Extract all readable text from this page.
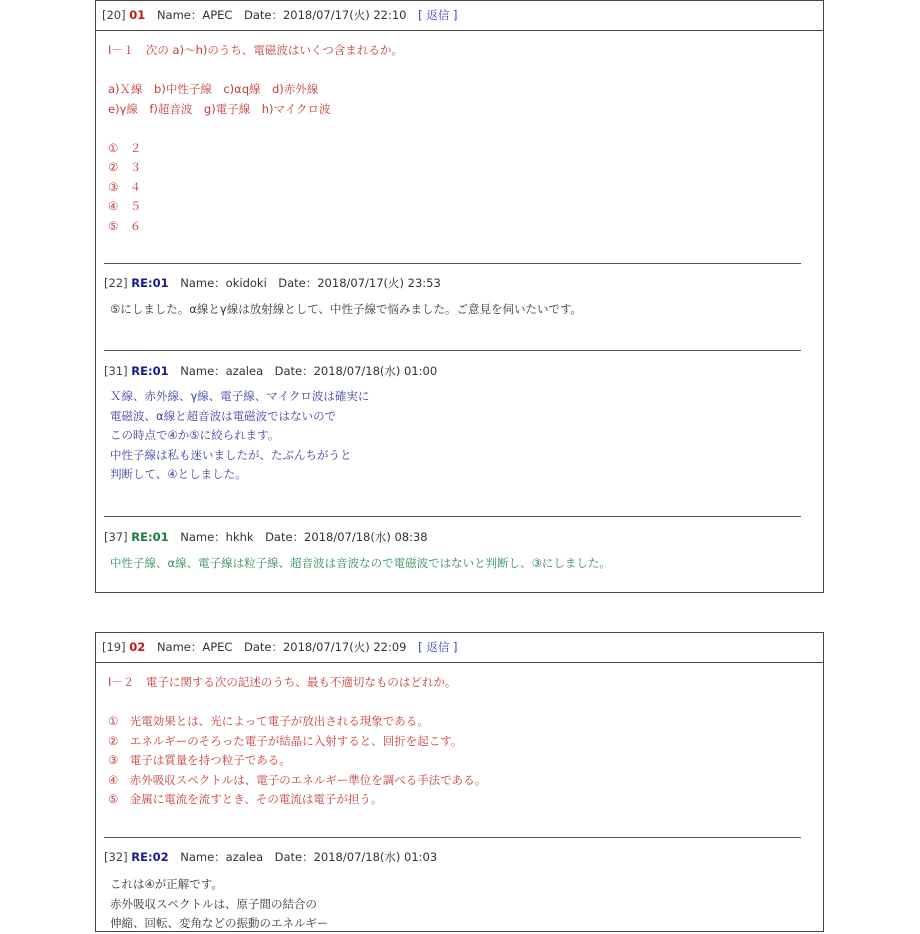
[20] 01 Name：APEC　Date：2018/07/17(火) 22:10 [ 返信 ]
Ⅰ－１　次の a)～h)のうち、電磁波はいくつ含まれるか。
a)Ｘ線　b)中性子線　c)αq線　d)赤外線
e)γ線　f)超音波　g)電子線　h)マイクロ波
①　２
②　３
③　４
④　５
⑤　６
[22] RE:01 Name：okidoki　Date：2018/07/17(火) 23:53
⑤にしました。α線とγ線は放射線として、中性子線で悩みました。ご意見を伺いたいです。
[31] RE:01 Name：azalea　Date：2018/07/18(水) 01:00
Ｘ線、赤外線、γ線、電子線、マイクロ波は確実に
電磁波、α線と超音波は電磁波ではないので
この時点で④か⑤に絞られます。
中性子線は私も迷いましたが、たぶんちがうと
判断して、④としました。
[37] RE:01 Name：hkhk　Date：2018/07/18(水) 08:38
中性子線、α線、電子線は粒子線、超音波は音波なので電磁波ではないと判断し、③にしました。
[19] 02 Name：APEC　Date：2018/07/17(火) 22:09 [ 返信 ]
Ⅰ－２　電子に関する次の記述のうち、最も不適切なものはどれか。
①　光電効果とは、光によって電子が放出される現象である。
②　エネルギーのそろった電子が結晶に入射すると、回折を起こす。
③　電子は質量を持つ粒子である。
④　赤外吸収スペクトルは、電子のエネルギー準位を調べる手法である。
⑤　金属に電流を流すとき、その電流は電子が担う。
[32] RE:02 Name：azalea　Date：2018/07/18(水) 01:03
これは④が正解です。
赤外吸収スペクトルは、原子間の結合の
伸縮、回転、変角などの振動のエネルギー
